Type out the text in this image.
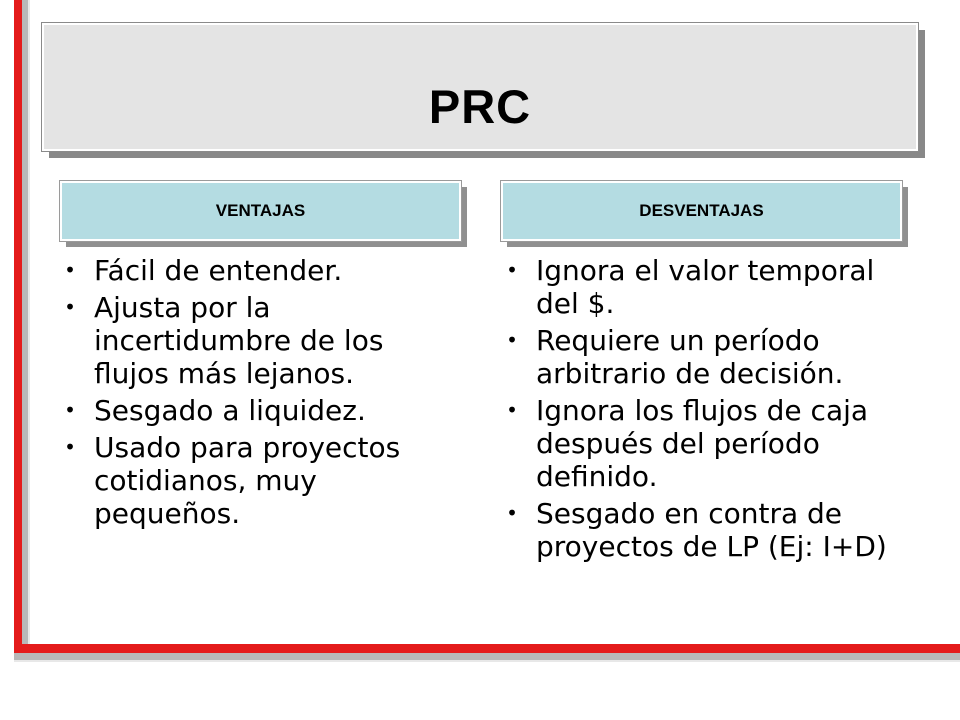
PRC
VENTAJAS	DESVENTAJAS
• Fácil de entender.
• Ajusta por la incertidumbre de los flujos más lejanos.
• Sesgado a liquidez.
• Usado para proyectos cotidianos, muy pequeños.
• Ignora el valor temporal del $.
• Requiere un período arbitrario de decisión.
• Ignora los flujos de caja después del período definido.
• Sesgado en contra de proyectos de LP (Ej: I+D)
